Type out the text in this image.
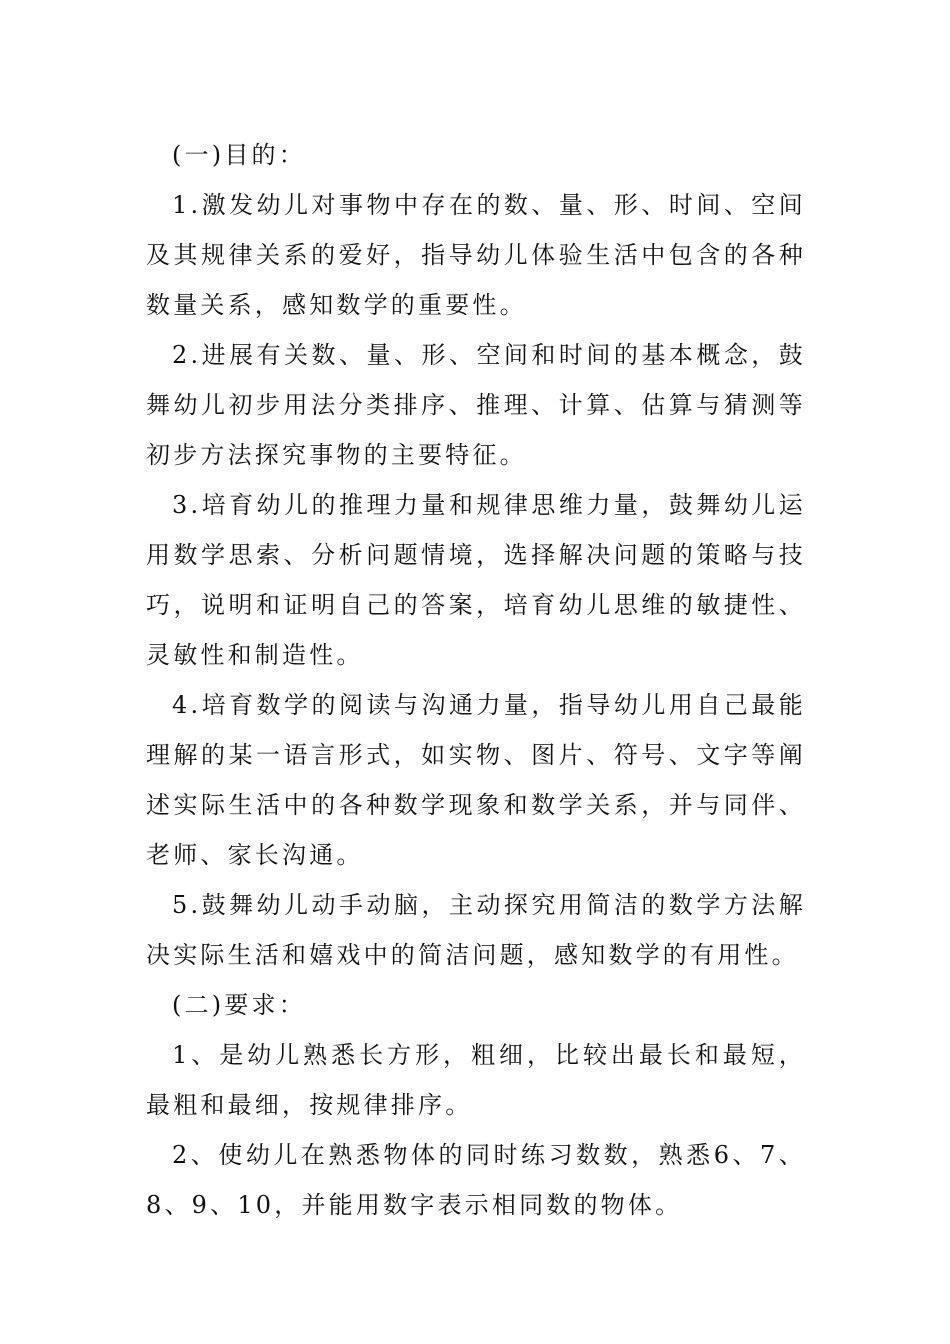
(一)目的：

1.激发幼儿对事物中存在的数、量、形、时间、空间及其规律关系的爱好，指导幼儿体验生活中包含的各种数量关系，感知数学的重要性。

2.进展有关数、量、形、空间和时间的基本概念，鼓舞幼儿初步用法分类排序、推理、计算、估算与猜测等初步方法探究事物的主要特征。

3.培育幼儿的推理力量和规律思维力量，鼓舞幼儿运用数学思索、分析问题情境，选择解决问题的策略与技巧，说明和证明自己的答案，培育幼儿思维的敏捷性、灵敏性和制造性。

4.培育数学的阅读与沟通力量，指导幼儿用自己最能理解的某一语言形式，如实物、图片、符号、文字等阐述实际生活中的各种数学现象和数学关系，并与同伴、老师、家长沟通。

5.鼓舞幼儿动手动脑，主动探究用简洁的数学方法解决实际生活和嬉戏中的简洁问题，感知数学的有用性。

(二)要求：

1、是幼儿熟悉长方形，粗细，比较出最长和最短，最粗和最细，按规律排序。

2、使幼儿在熟悉物体的同时练习数数，熟悉6、7、8、9、10，并能用数字表示相同数的物体。
